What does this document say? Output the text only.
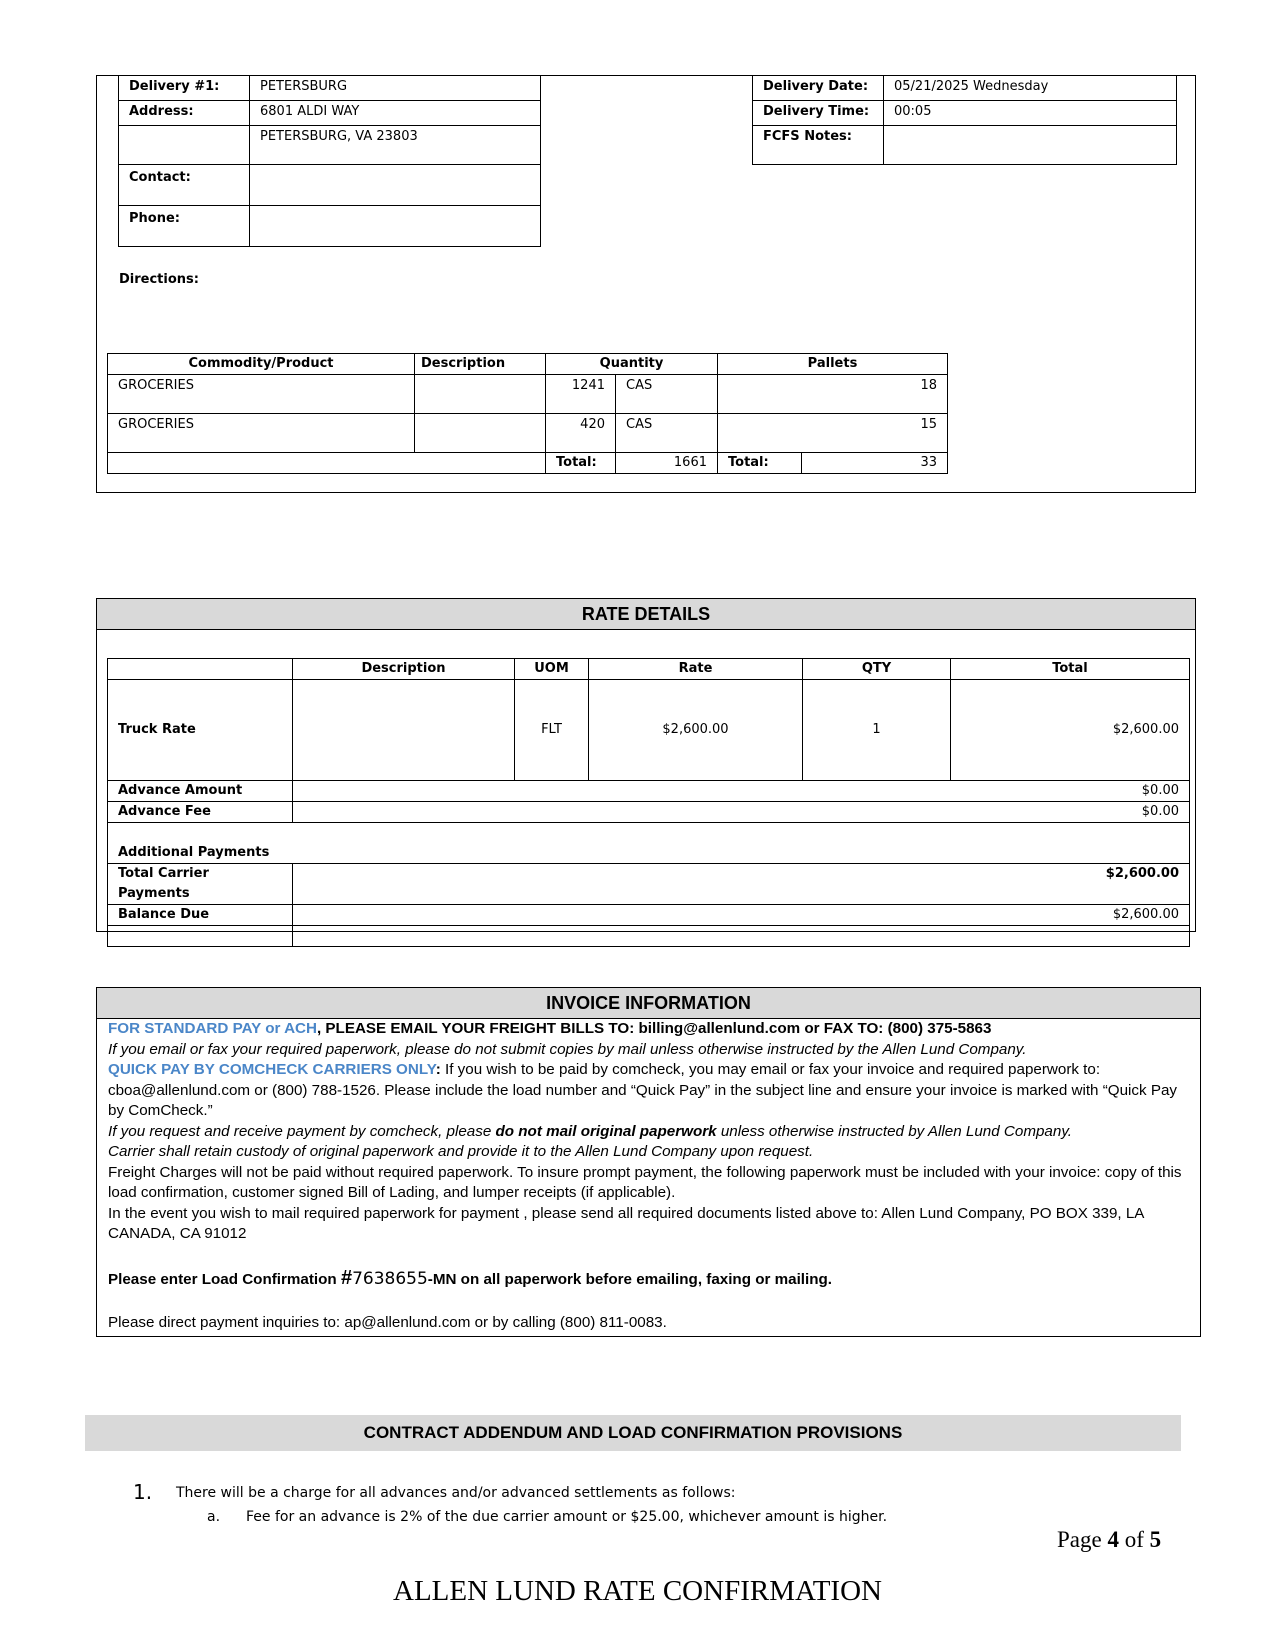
Delivery #1:	PETERSBURG
Address:	6801 ALDI WAY
	PETERSBURG, VA 23803
Contact:	
Phone:	
Delivery Date:	05/21/2025 Wednesday
Delivery Time:	00:05
FCFS Notes:	
Directions:
Commodity/Product	Description	Quantity		Pallets	
GROCERIES		1241	CAS	18	
GROCERIES		420	CAS	15	
		Total:	1661	Total:	33
RATE DETAILS
	Description	UOM	Rate	QTY	Total
Truck Rate		FLT	$2,600.00	1	$2,600.00
Advance Amount	$0.00				
Advance Fee	$0.00				
Additional Payments					
Total Carrier Payments	$2,600.00				
Balance Due	$2,600.00				

INVOICE INFORMATION

FOR STANDARD PAY or ACH, PLEASE EMAIL YOUR FREIGHT BILLS TO: billing@allenlund.com or FAX TO: (800) 375-5863

If you email or fax your required paperwork, please do not submit copies by mail unless otherwise instructed by the Allen Lund Company.

QUICK PAY BY COMCHECK CARRIERS ONLY: If you wish to be paid by comcheck, you may email or fax your invoice and required paperwork to: cboa@allenlund.com or (800) 788-1526. Please include the load number and “Quick Pay” in the subject line and ensure your invoice is marked with “Quick Pay by ComCheck.”

If you request and receive payment by comcheck, please do not mail original paperwork unless otherwise instructed by Allen Lund Company.

Carrier shall retain custody of original paperwork and provide it to the Allen Lund Company upon request.

Freight Charges will not be paid without required paperwork. To insure prompt payment, the following paperwork must be included with your invoice: copy of this load confirmation, customer signed Bill of Lading, and lumper receipts (if applicable).

In the event you wish to mail required paperwork for payment , please send all required documents listed above to: Allen Lund Company, PO BOX 339, LA CANADA, CA 91012

Please enter Load Confirmation #7638655-MN on all paperwork before emailing, faxing or mailing.

Please direct payment inquiries to: ap@allenlund.com or by calling (800) 811-0083.

CONTRACT ADDENDUM AND LOAD CONFIRMATION PROVISIONS
1. There will be a charge for all advances and/or advanced settlements as follows:
a. Fee for an advance is 2% of the due carrier amount or $25.00, whichever amount is higher.
Page 4 of 5
ALLEN LUND RATE CONFIRMATION
